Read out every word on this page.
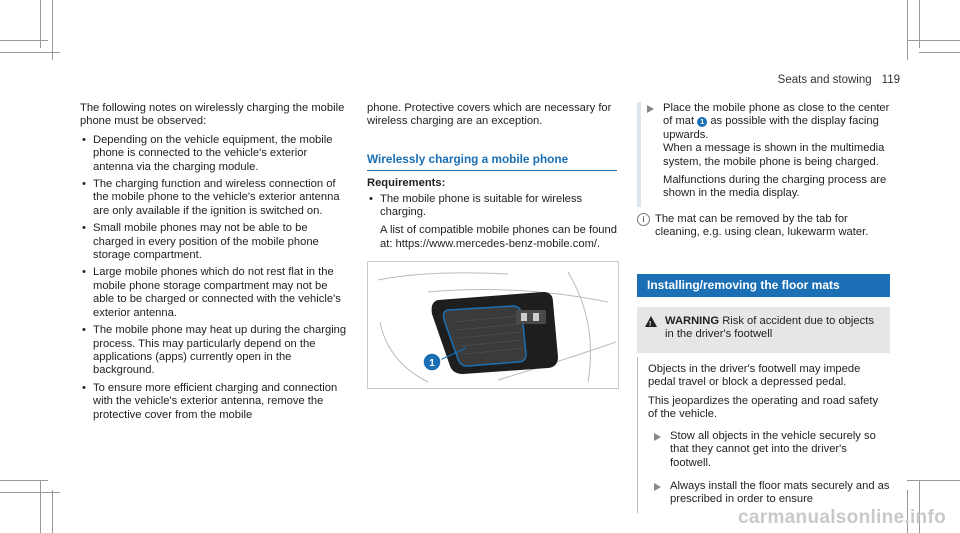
Seats and stowing 119

The following notes on wirelessly charging the mobile phone must be observed:

• Depending on the vehicle equipment, the mobile phone is connected to the vehicle's exterior antenna via the charging module.
• The charging function and wireless connection of the mobile phone to the vehicle's exterior antenna are only available if the ignition is switched on.
• Small mobile phones may not be able to be charged in every position of the mobile phone storage compartment.
• Large mobile phones which do not rest flat in the mobile phone storage compartment may not be able to be charged or connected with the vehicle's exterior antenna.
• The mobile phone may heat up during the charging process. This may particularly depend on the applications (apps) currently open in the background.
• To ensure more efficient charging and connection with the vehicle's exterior antenna, remove the protective cover from the mobile

phone. Protective covers which are necessary for wireless charging are an exception.

Wirelessly charging a mobile phone

Requirements:

• The mobile phone is suitable for wireless charging.
A list of compatible mobile phones can be found at: https://www.mercedes-benz-mobile.com/.
1
Place the mobile phone as close to the center of mat 1 as possible with the display facing upwards.
When a message is shown in the multimedia system, the mobile phone is being charged.
Malfunctions during the charging process are shown in the media display.
i The mat can be removed by the tab for cleaning, e.g. using clean, lukewarm water.
Installing/removing the floor mats
!
WARNING Risk of accident due to objects in the driver's footwell

Objects in the driver's footwell may impede pedal travel or block a depressed pedal.

This jeopardizes the operating and road safety of the vehicle.

Stow all objects in the vehicle securely so that they cannot get into the driver's footwell.
Always install the floor mats securely and as prescribed in order to ensure
carmanualsonline.info
